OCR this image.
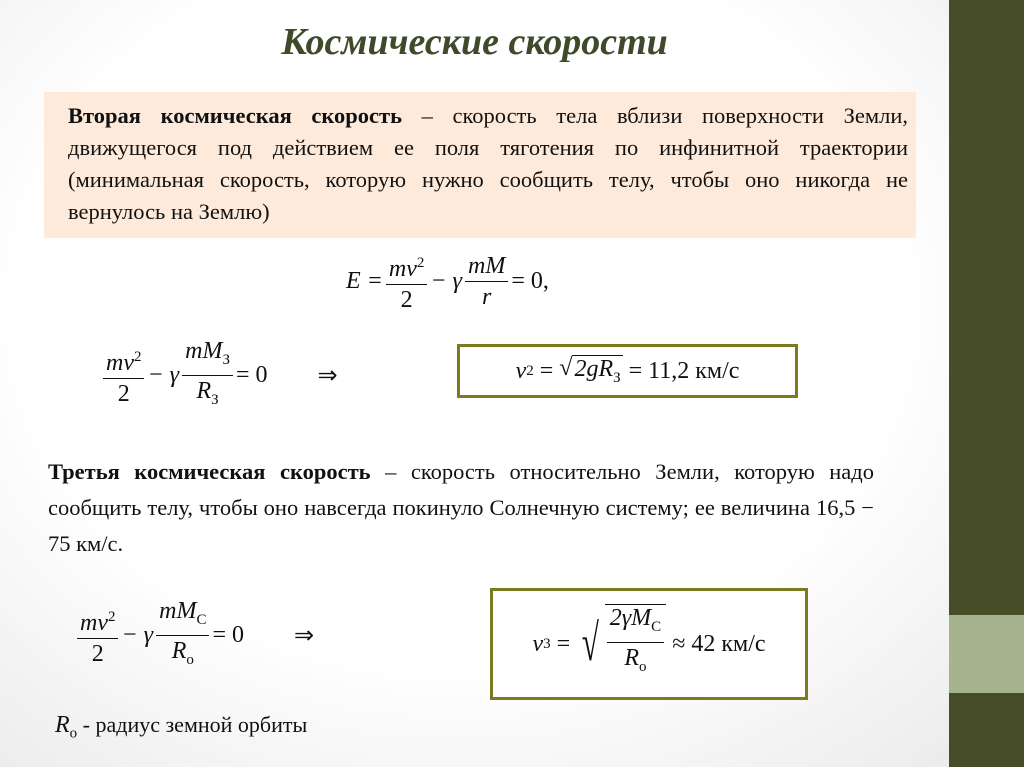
Космические скорости
Вторая космическая скорость – скорость тела вблизи поверхности Земли, движущегося под действием ее поля тяготения по инфинитной траектории (минимальная скорость, которую нужно сообщить телу, чтобы оно никогда не вернулось на Землю)
$E = \frac{mv^2}{2} - \gamma \frac{mM}{r} = 0$,
$\frac{mv^2}{2} - \gamma \frac{mM_З}{R_З} = 0$ ⇒	v 2 = √ $2gR_З = 11,2$ км/с
Третья космическая скорость – скорость относительно Земли, которую надо сообщить телу, чтобы оно навсегда покинуло Солнечную систему; ее величина 16,5 − 75 км/с.
$\frac{mv^2}{2} - \gamma \frac{mM_С}{R_о} = 0$ ⇒	v 3 = √ $\frac{2\gamma M_С}{R_о} \approx 42$ км/с
$R_о$ - радиус земной орбиты
